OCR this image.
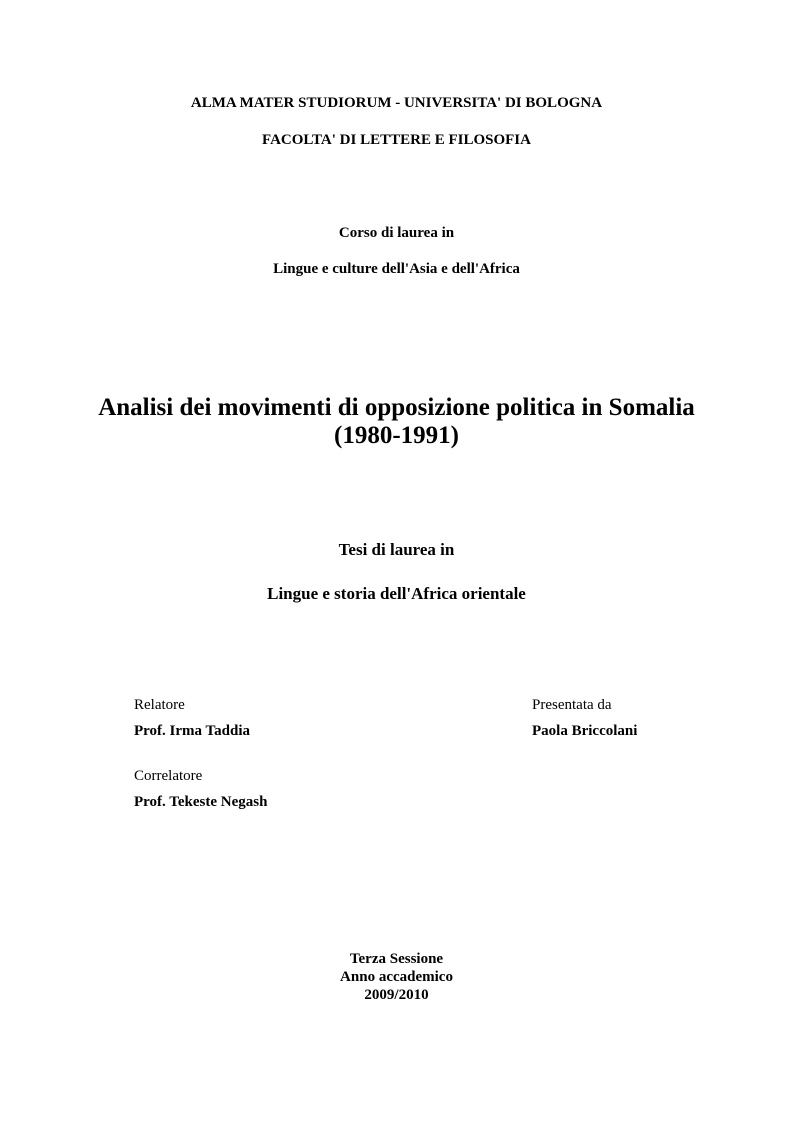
ALMA MATER STUDIORUM - UNIVERSITA' DI BOLOGNA
FACOLTA' DI LETTERE E FILOSOFIA
Corso di laurea in
Lingue e culture dell'Asia e dell'Africa
Analisi dei movimenti di opposizione politica in Somalia
(1980-1991)
Tesi di laurea in
Lingue e storia dell'Africa orientale
Relatore
Prof. Irma Taddia
Presentata da
Paola Briccolani
Correlatore
Prof. Tekeste Negash
Terza Sessione
Anno accademico
2009/2010
